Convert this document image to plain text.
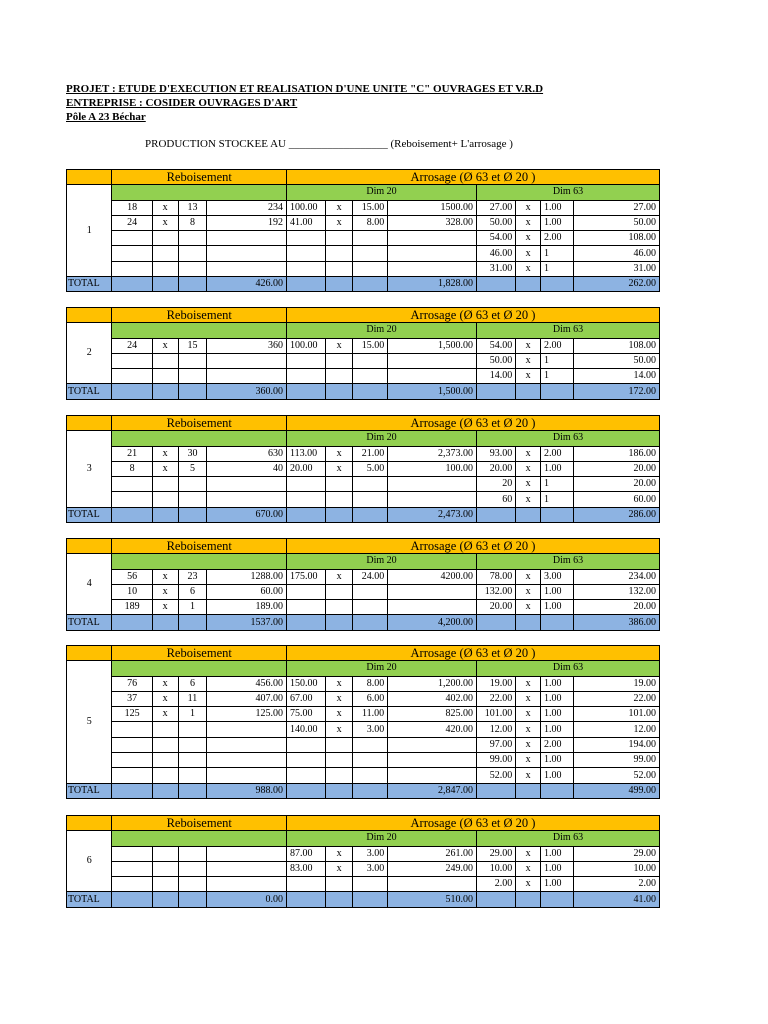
PROJET : ETUDE D'EXECUTION ET REALISATION D'UNE UNITE "C" OUVRAGES ET V.R.D
ENTREPRISE : COSIDER OUVRAGES D'ART
Pôle A 23 Béchar
PRODUCTION STOCKEE AU __________________ (Reboisement+ L'arrosage )
	Reboisement				Arrosage (Ø 63 et Ø 20 )							
1					Dim 20				Dim 63			
	18	x	13	234	100.00	x	15.00	1500.00	27.00	x	1.00	27.00
	24	x	8	192	41.00	x	8.00	328.00	50.00	x	1.00	50.00
									54.00	x	2.00	108.00
									46.00	x	1	46.00
									31.00	x	1	31.00
TOTAL				426.00				1,828.00				262.00
	Reboisement				Arrosage (Ø 63 et Ø 20 )							
2					Dim 20				Dim 63			
	24	x	15	360	100.00	x	15.00	1,500.00	54.00	x	2.00	108.00
									50.00	x	1	50.00
									14.00	x	1	14.00
TOTAL				360.00				1,500.00				172.00
	Reboisement				Arrosage (Ø 63 et Ø 20 )							
3					Dim 20				Dim 63			
	21	x	30	630	113.00	x	21.00	2,373.00	93.00	x	2.00	186.00
	8	x	5	40	20.00	x	5.00	100.00	20.00	x	1.00	20.00
									20	x	1	20.00
									60	x	1	60.00
TOTAL				670.00				2,473.00				286.00
	Reboisement				Arrosage (Ø 63 et Ø 20 )							
4					Dim 20				Dim 63			
	56	x	23	1288.00	175.00	x	24.00	4200.00	78.00	x	3.00	234.00
	10	x	6	60.00					132.00	x	1.00	132.00
	189	x	1	189.00					20.00	x	1.00	20.00
TOTAL				1537.00				4,200.00				386.00
	Reboisement				Arrosage (Ø 63 et Ø 20 )							
5					Dim 20				Dim 63			
	76	x	6	456.00	150.00	x	8.00	1,200.00	19.00	x	1.00	19.00
	37	x	11	407.00	67.00	x	6.00	402.00	22.00	x	1.00	22.00
	125	x	1	125.00	75.00	x	11.00	825.00	101.00	x	1.00	101.00
					140.00	x	3.00	420.00	12.00	x	1.00	12.00
									97.00	x	2.00	194.00
									99.00	x	1.00	99.00
									52.00	x	1.00	52.00
TOTAL				988.00				2,847.00				499.00
	Reboisement				Arrosage (Ø 63 et Ø 20 )							
6					Dim 20				Dim 63			
					87.00	x	3.00	261.00	29.00	x	1.00	29.00
					83.00	x	3.00	249.00	10.00	x	1.00	10.00
									2.00	x	1.00	2.00
TOTAL				0.00				510.00				41.00
